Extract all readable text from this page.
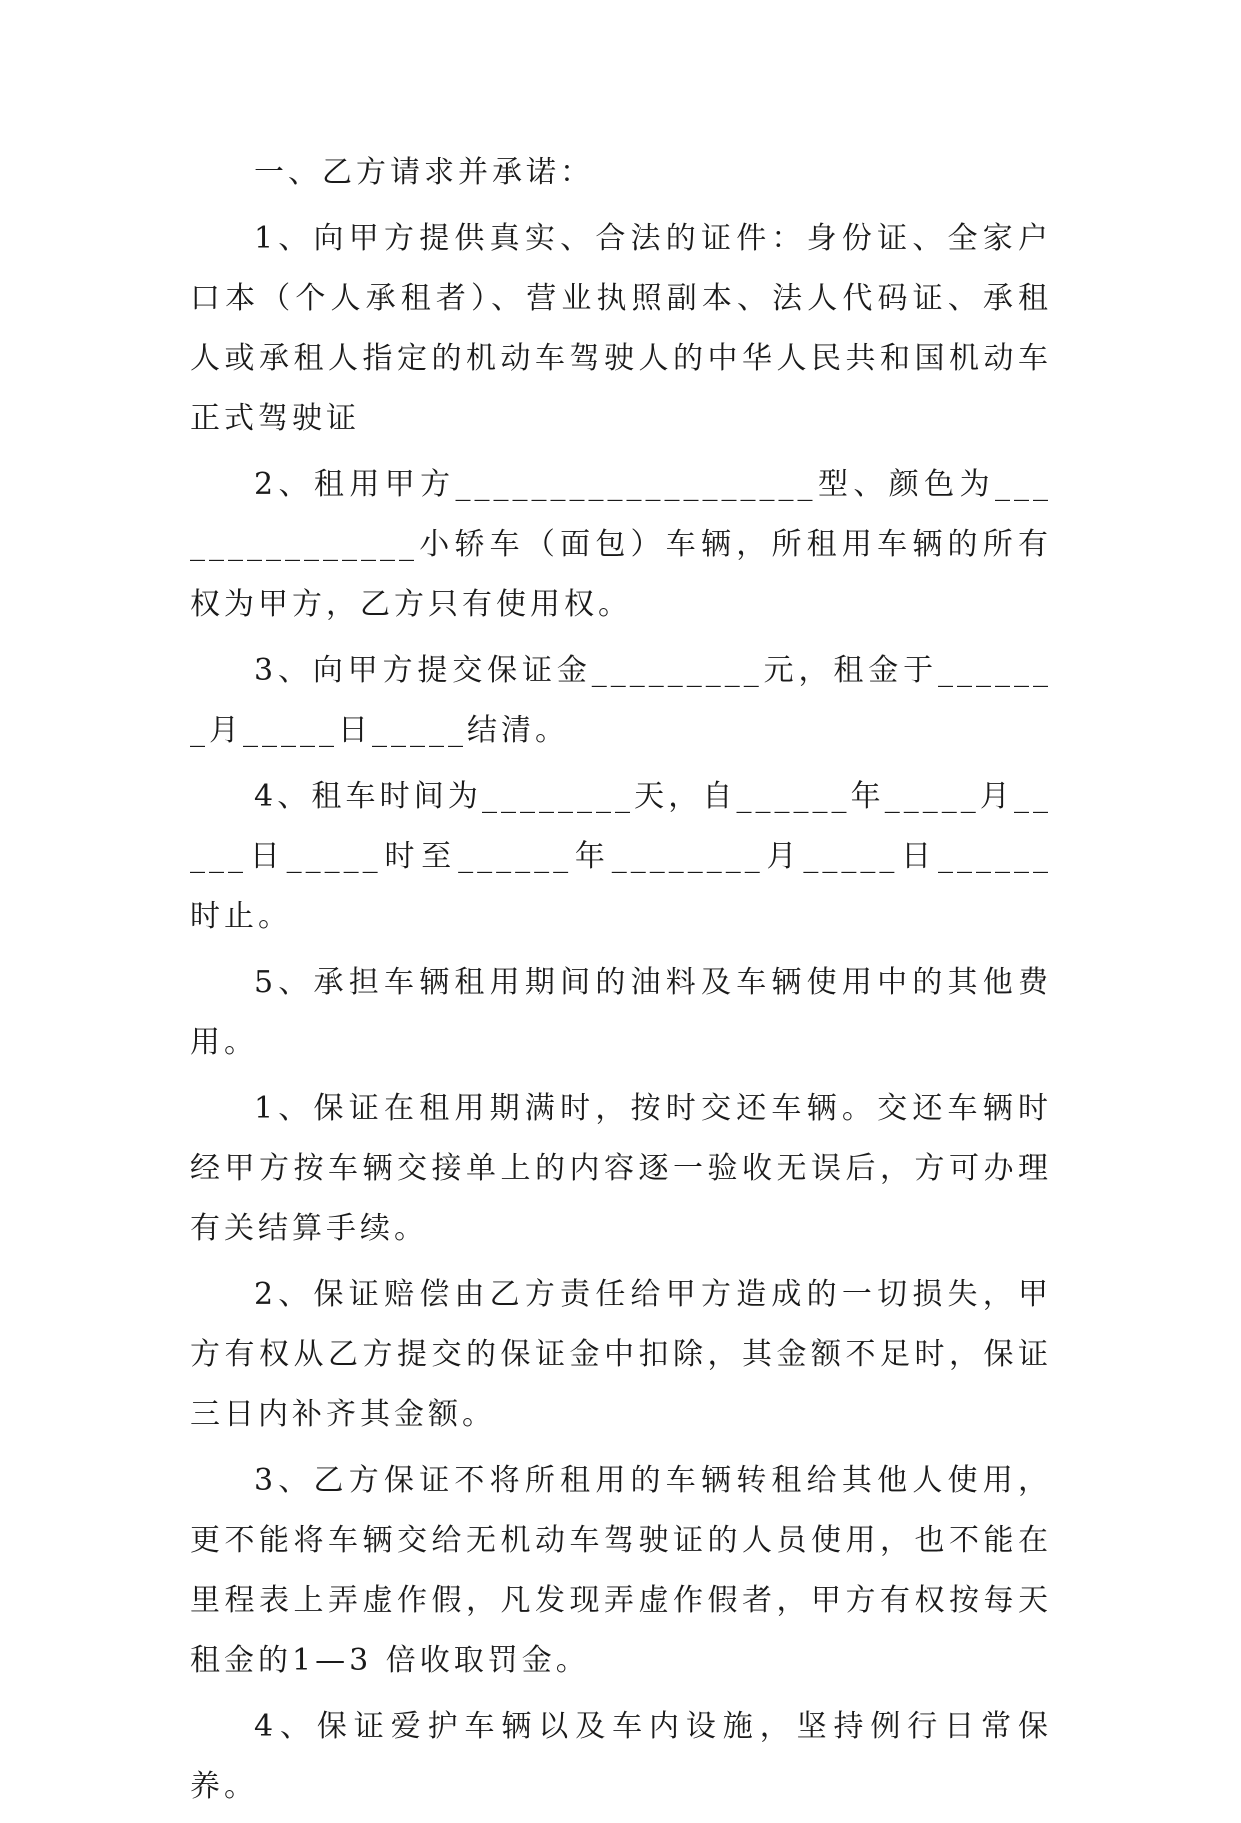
一、乙方请求并承诺：

1、向甲方提供真实、合法的证件：身份证、全家户口本（个人承租者）、营业执照副本、法人代码证、承租人或承租人指定的机动车驾驶人的中华人民共和国机动车正式驾驶证

2、租用甲方___________________型、颜色为_______________小轿车（面包）车辆，所租用车辆的所有权为甲方，乙方只有使用权。

3、向甲方提交保证金_________元，租金于_______月_____日_____结清。

4、租车时间为________天，自______年_____月_____日_____时至______年________月_____日______时止。

5、承担车辆租用期间的油料及车辆使用中的其他费用。

1、保证在租用期满时，按时交还车辆。交还车辆时经甲方按车辆交接单上的内容逐一验收无误后，方可办理有关结算手续。

2、保证赔偿由乙方责任给甲方造成的一切损失，甲方有权从乙方提交的保证金中扣除，其金额不足时，保证三日内补齐其金额。

3、乙方保证不将所租用的车辆转租给其他人使用，更不能将车辆交给无机动车驾驶证的人员使用，也不能在里程表上弄虚作假，凡发现弄虚作假者，甲方有权按每天租金的1—3 倍收取罚金。

4、保证爱护车辆以及车内设施，坚持例行日常保养。
